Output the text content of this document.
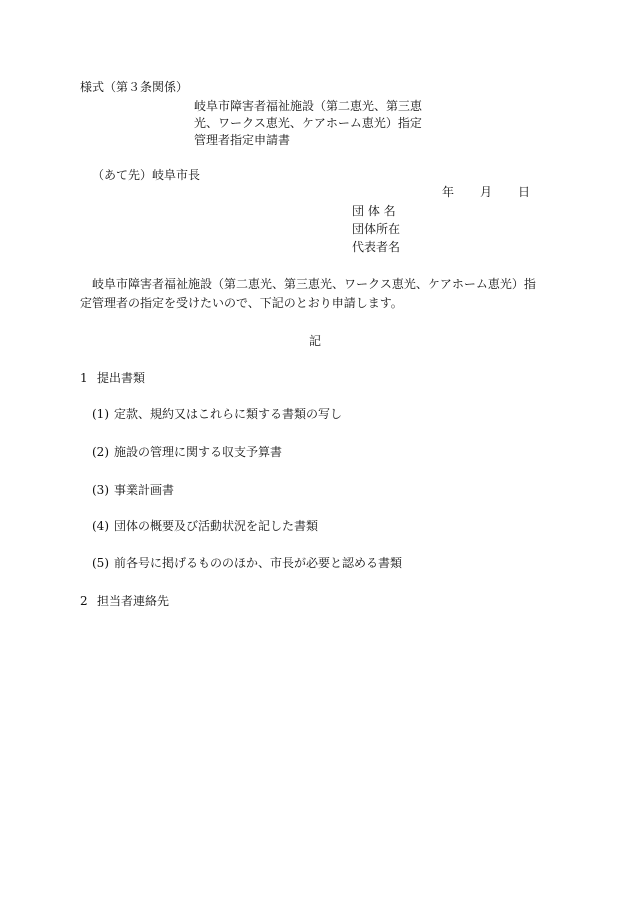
様式（第３条関係）
岐阜市障害者福祉施設（第二恵光、第三恵
光、ワークス恵光、ケアホーム恵光）指定
管理者指定申請書
（あて先）岐阜市長
年 月 日
団 体 名
団体所在
代表者名
岐阜市障害者福祉施設（第二恵光、第三恵光、ワークス恵光、ケアホーム恵光）指
定管理者の指定を受けたいので、下記のとおり申請します。
記
1 提出書類
(1) 定款、規約又はこれらに類する書類の写し
(2) 施設の管理に関する収支予算書
(3) 事業計画書
(4) 団体の概要及び活動状況を記した書類
(5) 前各号に掲げるもののほか、市長が必要と認める書類
2 担当者連絡先
